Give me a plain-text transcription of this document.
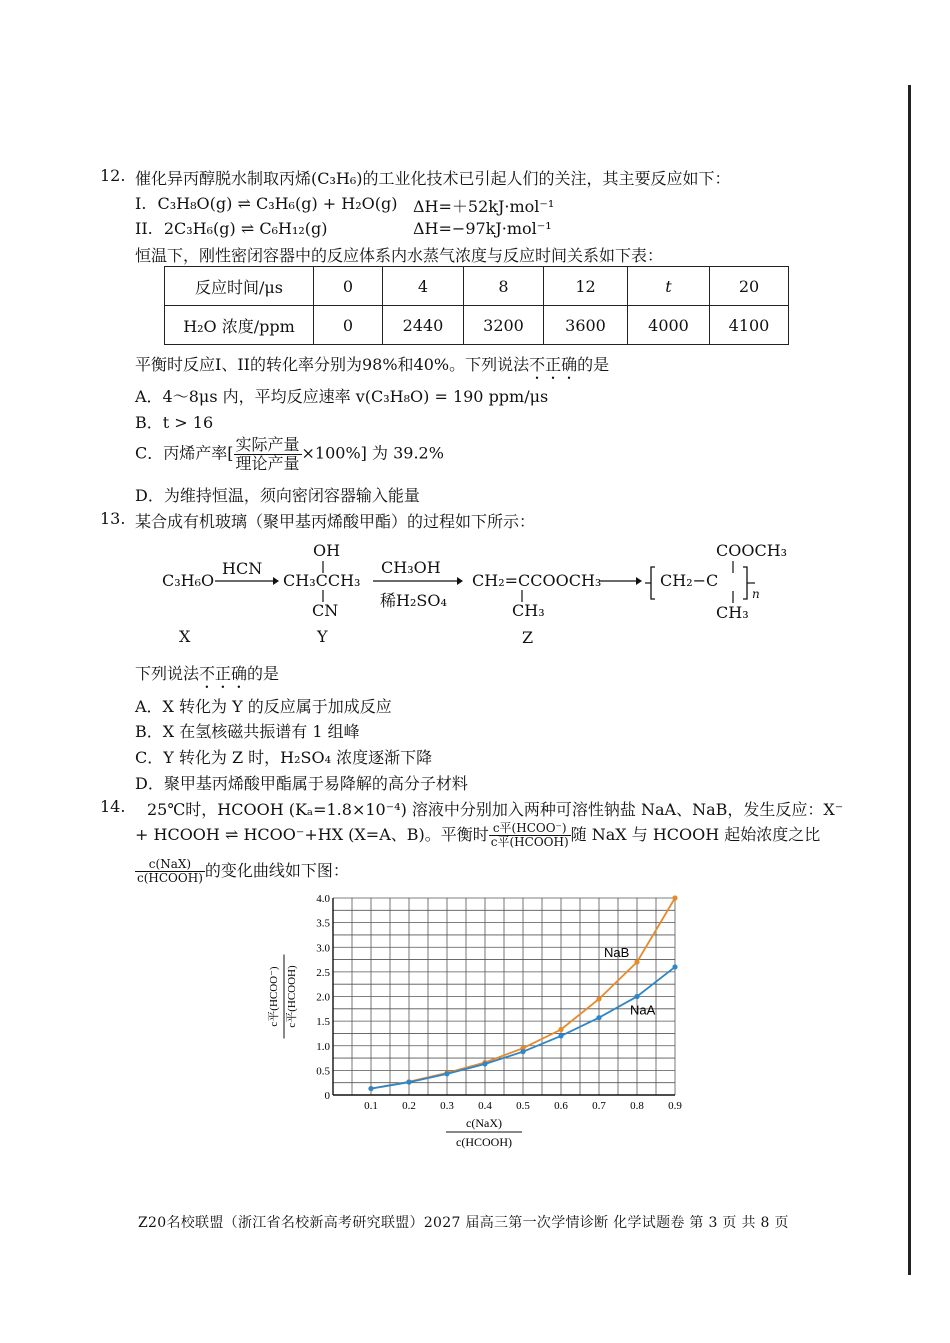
12. 催化异丙醇脱水制取丙烯(C₃H₆)的工业化技术已引起人们的关注，其主要反应如下：
I. C₃H₈O(g) ⇌ C₃H₆(g) + H₂O(g) ΔH=＋52kJ·mol⁻¹
II. 2C₃H₆(g) ⇌ C₆H₁₂(g)	ΔH=−97kJ·mol⁻¹
恒温下，刚性密闭容器中的反应体系内水蒸气浓度与反应时间关系如下表：
反应时间/μs	0	4	8	12	t	20
H₂O 浓度/ppm	0	2440	3200	3600	4000	4100
平衡时反应I、II的转化率分别为98%和40%。下列说法不正确的是
A．4～8μs 内，平均反应速率 v(C₃H₈O) = 190 ppm/μs
B．t > 16
C．丙烯产率[ $\frac{\text{实际产量}}{\text{理论产量}} \times 100\%$] 为 39.2%
D．为维持恒温，须向密闭容器输入能量
13. 某合成有机玻璃（聚甲基丙烯酸甲酯）的过程如下所示：
C₃H₆O
HCN
OH
CH₃CCH₃
CN
CH₃OH
稀H₂SO₄
CH₂=CCOOCH₃
CH₃
COOCH₃
CH₂−C
n
CH₃
X	Y	Z
下列说法不正确的是
A．X 转化为 Y 的反应属于加成反应
B．X 在氢核磁共振谱有 1 组峰
C．Y 转化为 Z 时，H₂SO₄ 浓度逐渐下降
D．聚甲基丙烯酸甲酯属于易降解的高分子材料
14. 25℃时，HCOOH (Kₐ=1.8×10⁻⁴) 溶液中分别加入两种可溶性钠盐 NaA、NaB，发生反应：X⁻
+ HCOOH ⇌ HCOO⁻+HX (X=A、B)。平衡时 $\frac{\text{c平(HCOO⁻)}}{\text{c平(HCOOH)}}$ 随 NaX 与 HCOOH 起始浓度之比
$\frac{\text{c(NaX)}}{\text{c(HCOOH)}}$ 的变化曲线如下图：
0
0.5
1.0
1.5
2.0
2.5
3.0
3.5
4.0
0.1 0.2 0.3 0.4 0.5 0.6 0.7 0.8 0.9
c平(HCOO⁻) c平(HCOOH)
c(NaX)
c(HCOOH)
NaB
NaA
Z20名校联盟（浙江省名校新高考研究联盟）2027 届高三第一次学情诊断 化学试题卷 第 3 页 共 8 页
